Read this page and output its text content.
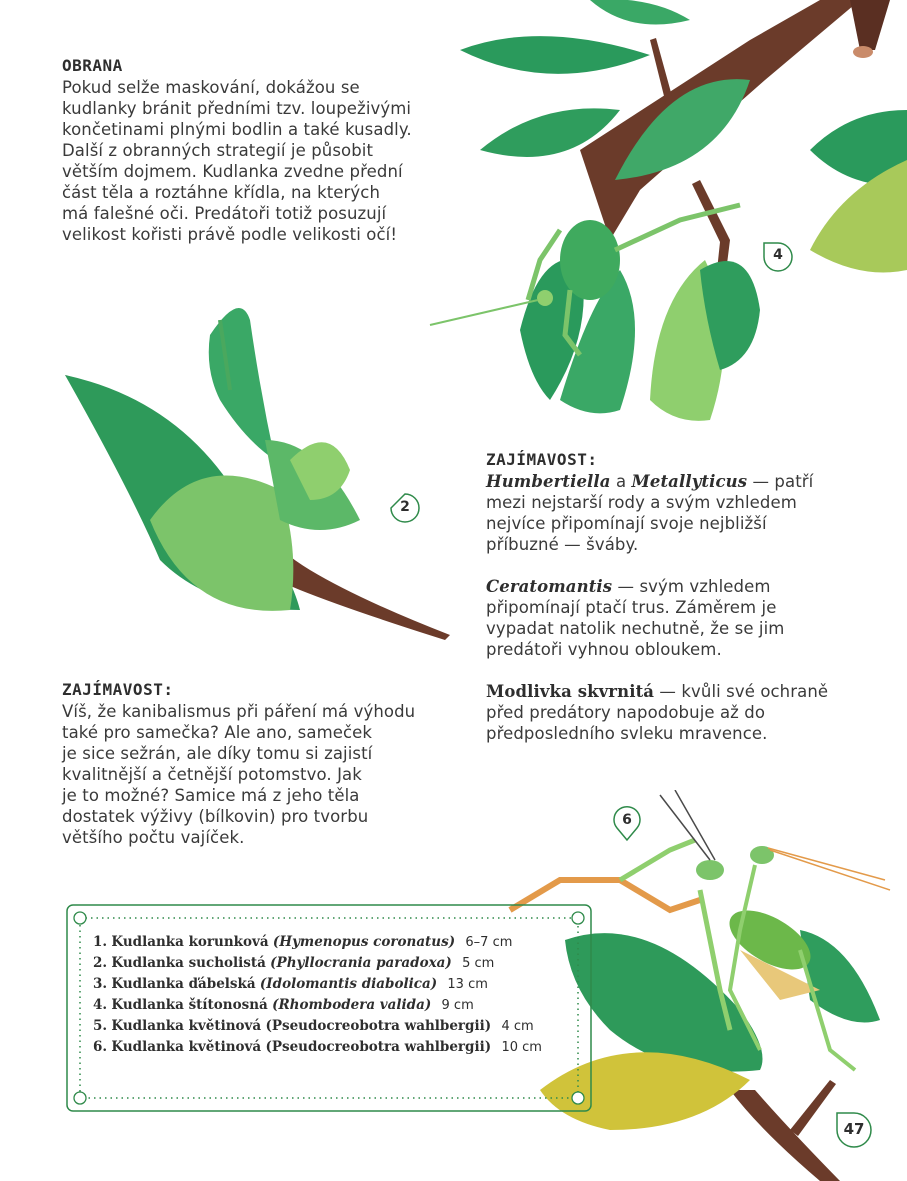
4
2
6

OBRANA

Pokud selže maskování, dokážou se

kudlanky bránit předními tzv. loupeživými

končetinami plnými bodlin a také kusadly.

Další z obranných strategií je působit

větším dojmem. Kudlanka zvedne přední

část těla a roztáhne křídla, na kterých

má falešné oči. Predátoři totiž posuzují

velikost kořisti právě podle velikosti očí!

ZAJÍMAVOST:

Humbertiella a Metallyticus — patří

mezi nejstarší rody a svým vzhledem

nejvíce připomínají svoje nejbližší

příbuzné — šváby.

Ceratomantis — svým vzhledem

připomínají ptačí trus. Záměrem je

vypadat natolik nechutně, že se jim

predátoři vyhnou obloukem.

Modlivka skvrnitá — kvůli své ochraně

před predátory napodobuje až do

předposledního svleku mravence.

ZAJÍMAVOST:

Víš, že kanibalismus při páření má výhodu

také pro samečka? Ale ano, sameček

je sice sežrán, ale díky tomu si zajistí

kvalitnější a četnější potomstvo. Jak

je to možné? Samice má z jeho těla

dostatek výživy (bílkovin) pro tvorbu

většího počtu vajíček.

1. Kudlanka korunková (Hymenopus coronatus) 6–7 cm
2. Kudlanka sucholistá (Phyllocrania paradoxa) 5 cm
3. Kudlanka ďábelská (Idolomantis diabolica) 13 cm
4. Kudlanka štítonosná (Rhombodera valida) 9 cm
5. Kudlanka květinová (Pseudocreobotra wahlbergii) 4 cm
6. Kudlanka květinová (Pseudocreobotra wahlbergii) 10 cm
47
